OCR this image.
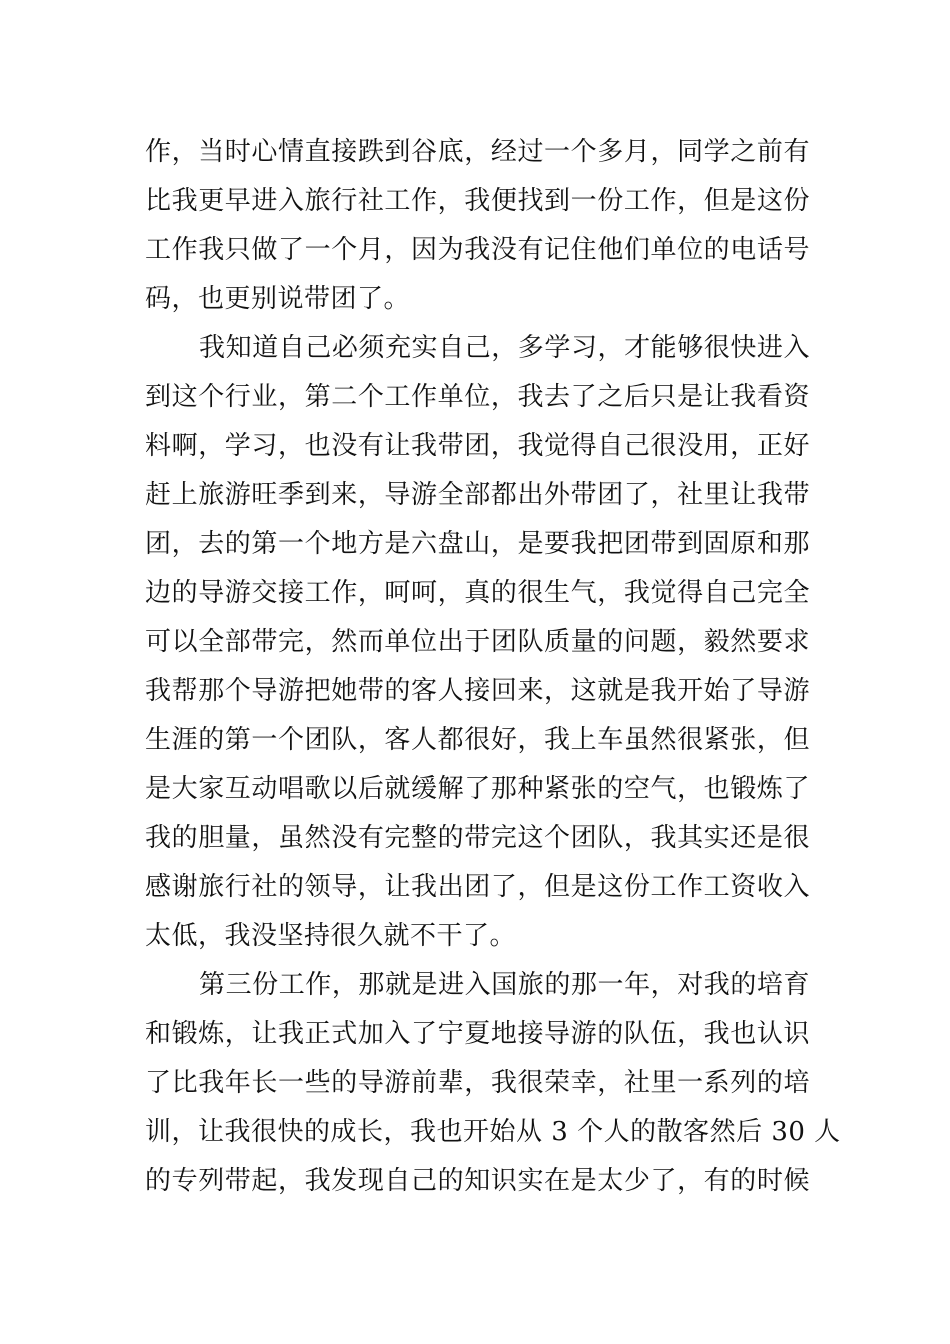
作，当时心情直接跌到谷底，经过一个多月，同学之前有
比我更早进入旅行社工作，我便找到一份工作，但是这份
工作我只做了一个月，因为我没有记住他们单位的电话号
码，也更别说带团了。
我知道自己必须充实自己，多学习，才能够很快进入
到这个行业，第二个工作单位，我去了之后只是让我看资
料啊，学习，也没有让我带团，我觉得自己很没用，正好
赶上旅游旺季到来，导游全部都出外带团了，社里让我带
团，去的第一个地方是六盘山，是要我把团带到固原和那
边的导游交接工作，呵呵，真的很生气，我觉得自己完全
可以全部带完，然而单位出于团队质量的问题，毅然要求
我帮那个导游把她带的客人接回来，这就是我开始了导游
生涯的第一个团队，客人都很好，我上车虽然很紧张，但
是大家互动唱歌以后就缓解了那种紧张的空气，也锻炼了
我的胆量，虽然没有完整的带完这个团队，我其实还是很
感谢旅行社的领导，让我出团了，但是这份工作工资收入
太低，我没坚持很久就不干了。
第三份工作，那就是进入国旅的那一年，对我的培育
和锻炼，让我正式加入了宁夏地接导游的队伍，我也认识
了比我年长一些的导游前辈，我很荣幸，社里一系列的培
训，让我很快的成长，我也开始从 3 个人的散客然后 30 人
的专列带起，我发现自己的知识实在是太少了，有的时候
